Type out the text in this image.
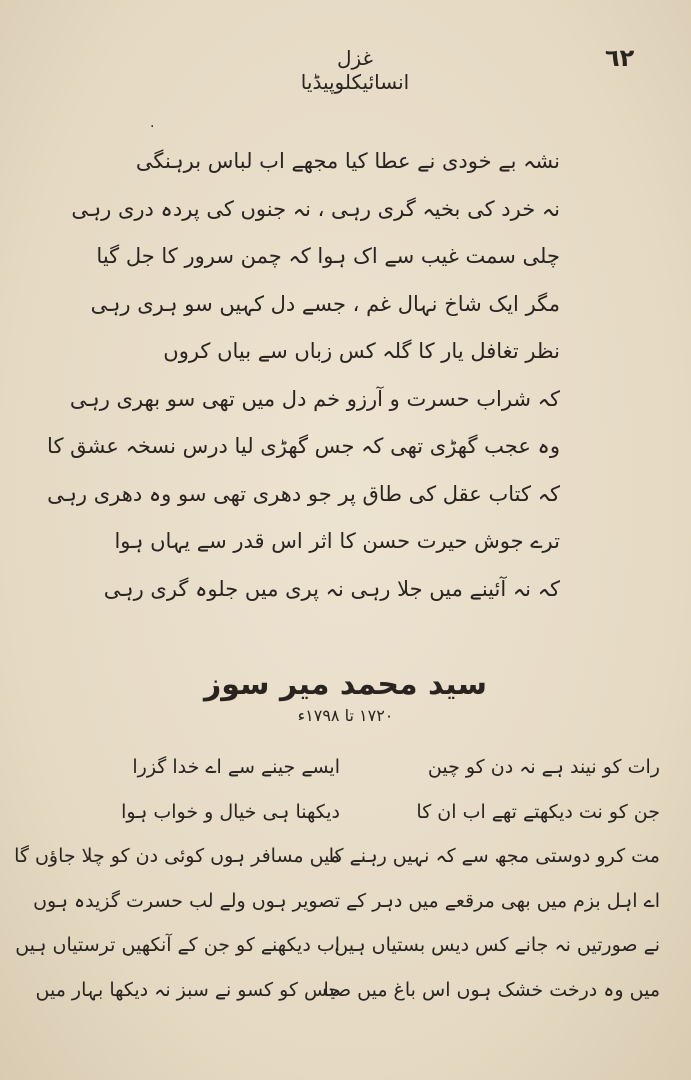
٦٢
غزل انسائیکلوپیڈیا
·
نشہ بے خودی نے عطا کیا مجھے اب لباس برہنگی
نہ خرد کی بخیہ گری رہی ، نہ جنوں کی پردہ دری رہی
چلی سمت غیب سے اک ہوا کہ چمن سرور کا جل گیا
مگر ایک شاخ نہال غم ، جسے دل کہیں سو ہری رہی
نظر تغافل یار کا گلہ کس زباں سے بیاں کروں
کہ شراب حسرت و آرزو خم دل میں تھی سو بھری رہی
وہ عجب گھڑی تھی کہ جس گھڑی لیا درس نسخہ عشق کا
کہ کتاب عقل کی طاق پر جو دھری تھی سو وہ دھری رہی
ترے جوش حیرت حسن کا اثر اس قدر سے یہاں ہوا
کہ نہ آئینے میں جلا رہی نہ پری میں جلوہ گری رہی
سید محمد میر سوز
١٧٢٠ تا ١٧٩٨ء
رات کو نیند ہے نہ دن کو چین
ایسے جینے سے اے خدا گزرا
جن کو نت دیکھتے تھے اب ان کا
دیکھنا ہی خیال و خواب ہوا
مت کرو دوستی مجھ سے کہ نہیں رہنے کا
میں مسافر ہوں کوئی دن کو چلا جاؤں گا
اے اہل بزم میں بھی مرقعے میں دہر کے
تصویر ہوں ولے لب حسرت گزیدہ ہوں
نے صورتیں نہ جانے کس دیس بستیاں ہیں
اب دیکھنے کو جن کے آنکھیں ترستیاں ہیں
میں وہ درخت خشک ہوں اس باغ میں صبا
جس کو کسو نے سبز نہ دیکھا بہار میں
